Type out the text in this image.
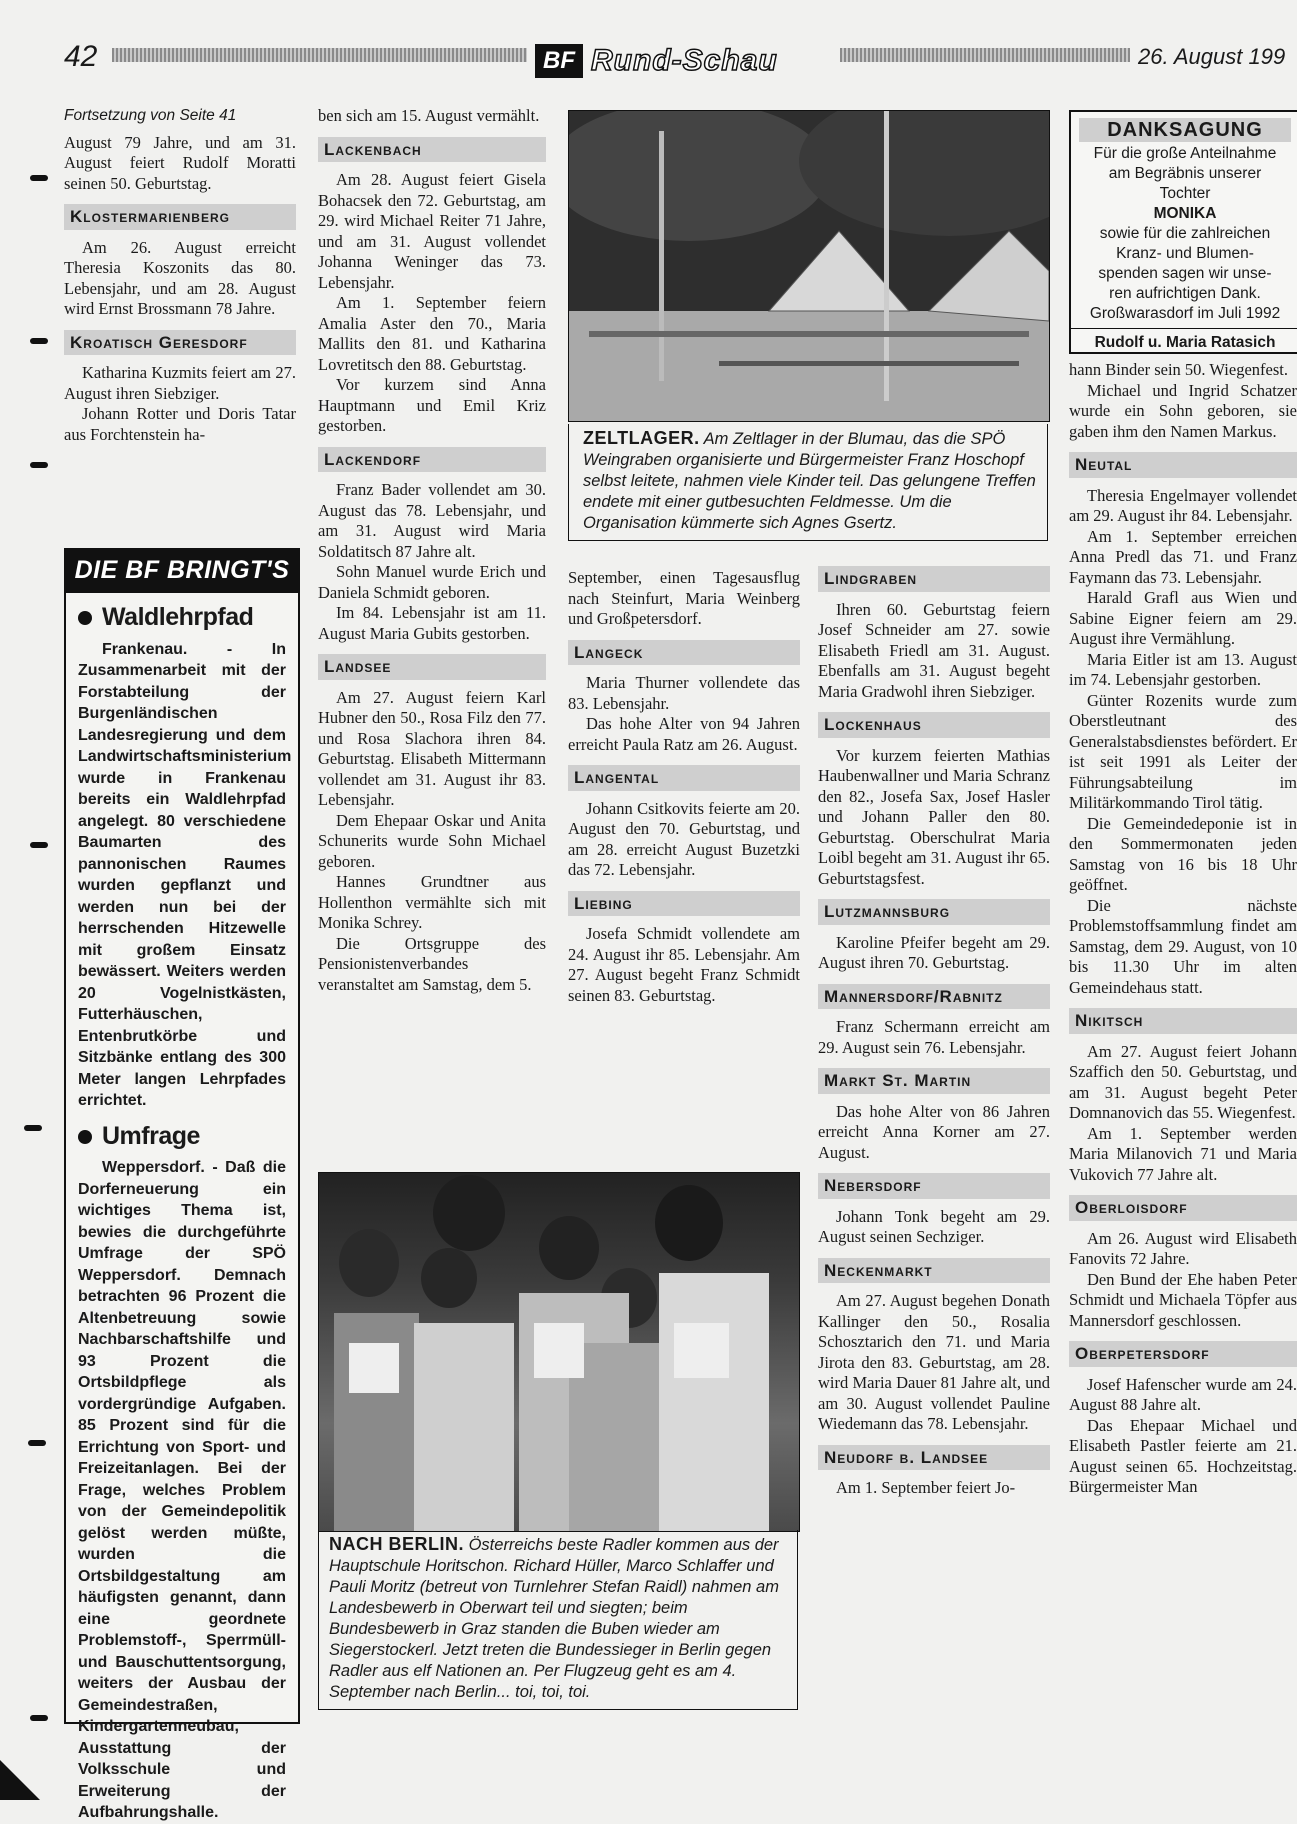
42	BF Rund-Schau	26. August 199

Fortsetzung von Seite 41

August 79 Jahre, und am 31. August feiert Rudolf Moratti seinen 50. Geburtstag.

Klostermarienberg

Am 26. August erreicht Theresia Koszonits das 80. Lebensjahr, und am 28. August wird Ernst Brossmann 78 Jahre.

Kroatisch Geresdorf

Katharina Kuzmits feiert am 27. August ihren Siebziger.

Johann Rotter und Doris Tatar aus Forchtenstein ha-

DIE BF BRINGT'S
Waldlehrpfad

Frankenau. - In Zusammenarbeit mit der Forstabteilung der Burgenländischen Landesregierung und dem Landwirtschaftsministerium wurde in Frankenau bereits ein Waldlehrpfad angelegt. 80 verschiedene Baumarten des pannonischen Raumes wurden gepflanzt und werden nun bei der herrschenden Hitzewelle mit großem Einsatz bewässert. Weiters werden 20 Vogelnistkästen, Futterhäuschen, Entenbrutkörbe und Sitzbänke entlang des 300 Meter langen Lehrpfades errichtet.

Umfrage

Weppersdorf. - Daß die Dorferneuerung ein wichtiges Thema ist, bewies die durchgeführte Umfrage der SPÖ Weppersdorf. Demnach betrachten 96 Prozent die Altenbetreuung sowie Nachbarschaftshilfe und 93 Prozent die Ortsbildpflege als vordergründige Aufgaben. 85 Prozent sind für die Errichtung von Sport- und Freizeitanlagen. Bei der Frage, welches Problem von der Gemeindepolitik gelöst werden müßte, wurden die Ortsbildgestaltung am häufigsten genannt, dann eine geordnete Problemstoff-, Sperrmüll- und Bauschuttentsorgung, weiters der Ausbau der Gemeindestraßen, Kindergartenneubau, Ausstattung der Volksschule und Erweiterung der Aufbahrungshalle.

ben sich am 15. August vermählt.

Lackenbach

Am 28. August feiert Gisela Bohacsek den 72. Geburtstag, am 29. wird Michael Reiter 71 Jahre, und am 31. August vollendet Johanna Weninger das 73. Lebensjahr.

Am 1. September feiern Amalia Aster den 70., Maria Mallits den 81. und Katharina Lovretitsch den 88. Geburtstag.

Vor kurzem sind Anna Hauptmann und Emil Kriz gestorben.

Lackendorf

Franz Bader vollendet am 30. August das 78. Lebensjahr, und am 31. August wird Maria Soldatitsch 87 Jahre alt.

Sohn Manuel wurde Erich und Daniela Schmidt geboren.

Im 84. Lebensjahr ist am 11. August Maria Gubits gestorben.

Landsee

Am 27. August feiern Karl Hubner den 50., Rosa Filz den 77. und Rosa Slachora ihren 84. Geburtstag. Elisabeth Mittermann vollendet am 31. August ihr 83. Lebensjahr.

Dem Ehepaar Oskar und Anita Schunerits wurde Sohn Michael geboren.

Hannes Grundtner aus Hollenthon vermählte sich mit Monika Schrey.

Die Ortsgruppe des Pensionistenverbandes veranstaltet am Samstag, dem 5.

ZELTLAGER. Am Zeltlager in der Blumau, das die SPÖ Weingraben organisierte und Bürgermeister Franz Hoschopf selbst leitete, nahmen viele Kinder teil. Das gelungene Treffen endete mit einer gutbesuchten Feldmesse. Um die Organisation kümmerte sich Agnes Gsertz.

September, einen Tagesausflug nach Steinfurt, Maria Weinberg und Großpetersdorf.

Langeck

Maria Thurner vollendete das 83. Lebensjahr.

Das hohe Alter von 94 Jahren erreicht Paula Ratz am 26. August.

Langental

Johann Csitkovits feierte am 20. August den 70. Geburtstag, und am 28. erreicht August Buzetzki das 72. Lebensjahr.

Liebing

Josefa Schmidt vollendete am 24. August ihr 85. Lebensjahr. Am 27. August begeht Franz Schmidt seinen 83. Geburtstag.

NACH BERLIN. Österreichs beste Radler kommen aus der Hauptschule Horitschon. Richard Hüller, Marco Schlaffer und Pauli Moritz (betreut von Turnlehrer Stefan Raidl) nahmen am Landesbewerb in Oberwart teil und siegten; beim Bundesbewerb in Graz standen die Buben wieder am Siegerstockerl. Jetzt treten die Bundessieger in Berlin gegen Radler aus elf Nationen an. Per Flugzeug geht es am 4. September nach Berlin... toi, toi, toi.
Lindgraben

Ihren 60. Geburtstag feiern Josef Schneider am 27. sowie Elisabeth Friedl am 31. August. Ebenfalls am 31. August begeht Maria Gradwohl ihren Siebziger.

Lockenhaus

Vor kurzem feierten Mathias Haubenwallner und Maria Schranz den 82., Josefa Sax, Josef Hasler und Johann Paller den 80. Geburtstag. Oberschulrat Maria Loibl begeht am 31. August ihr 65. Geburtstagsfest.

Lutzmannsburg

Karoline Pfeifer begeht am 29. August ihren 70. Geburtstag.

Mannersdorf/Rabnitz

Franz Schermann erreicht am 29. August sein 76. Lebensjahr.

Markt St. Martin

Das hohe Alter von 86 Jahren erreicht Anna Korner am 27. August.

Nebersdorf

Johann Tonk begeht am 29. August seinen Sechziger.

Neckenmarkt

Am 27. August begehen Donath Kallinger den 50., Rosalia Schosztarich den 71. und Maria Jirota den 83. Geburtstag, am 28. wird Maria Dauer 81 Jahre alt, und am 30. August vollendet Pauline Wiedemann das 78. Lebensjahr.

Neudorf b. Landsee

Am 1. September feiert Jo-

DANKSAGUNG
Für die große Anteilnahme
am Begräbnis unserer
Tochter
MONIKA
sowie für die zahlreichen
Kranz- und Blumen-
spenden sagen wir unse-
ren aufrichtigen Dank.
Großwarasdorf im Juli 1992
Rudolf u. Maria Ratasich

hann Binder sein 50. Wiegenfest.

Michael und Ingrid Schatzer wurde ein Sohn geboren, sie gaben ihm den Namen Markus.

Neutal

Theresia Engelmayer vollendet am 29. August ihr 84. Lebensjahr.

Am 1. September erreichen Anna Predl das 71. und Franz Faymann das 73. Lebensjahr.

Harald Grafl aus Wien und Sabine Eigner feiern am 29. August ihre Vermählung.

Maria Eitler ist am 13. August im 74. Lebensjahr gestorben.

Günter Rozenits wurde zum Oberstleutnant des Generalstabsdienstes befördert. Er ist seit 1991 als Leiter der Führungsabteilung im Militärkommando Tirol tätig.

Die Gemeindedeponie ist in den Sommermonaten jeden Samstag von 16 bis 18 Uhr geöffnet.

Die nächste Problemstoffsammlung findet am Samstag, dem 29. August, von 10 bis 11.30 Uhr im alten Gemeindehaus statt.

Nikitsch

Am 27. August feiert Johann Szaffich den 50. Geburtstag, und am 31. August begeht Peter Domnanovich das 55. Wiegenfest.

Am 1. September werden Maria Milanovich 71 und Maria Vukovich 77 Jahre alt.

Oberloisdorf

Am 26. August wird Elisabeth Fanovits 72 Jahre.

Den Bund der Ehe haben Peter Schmidt und Michaela Töpfer aus Mannersdorf geschlossen.

Oberpetersdorf

Josef Hafenscher wurde am 24. August 88 Jahre alt.

Das Ehepaar Michael und Elisabeth Pastler feierte am 21. August seinen 65. Hochzeitstag. Bürgermeister Man
